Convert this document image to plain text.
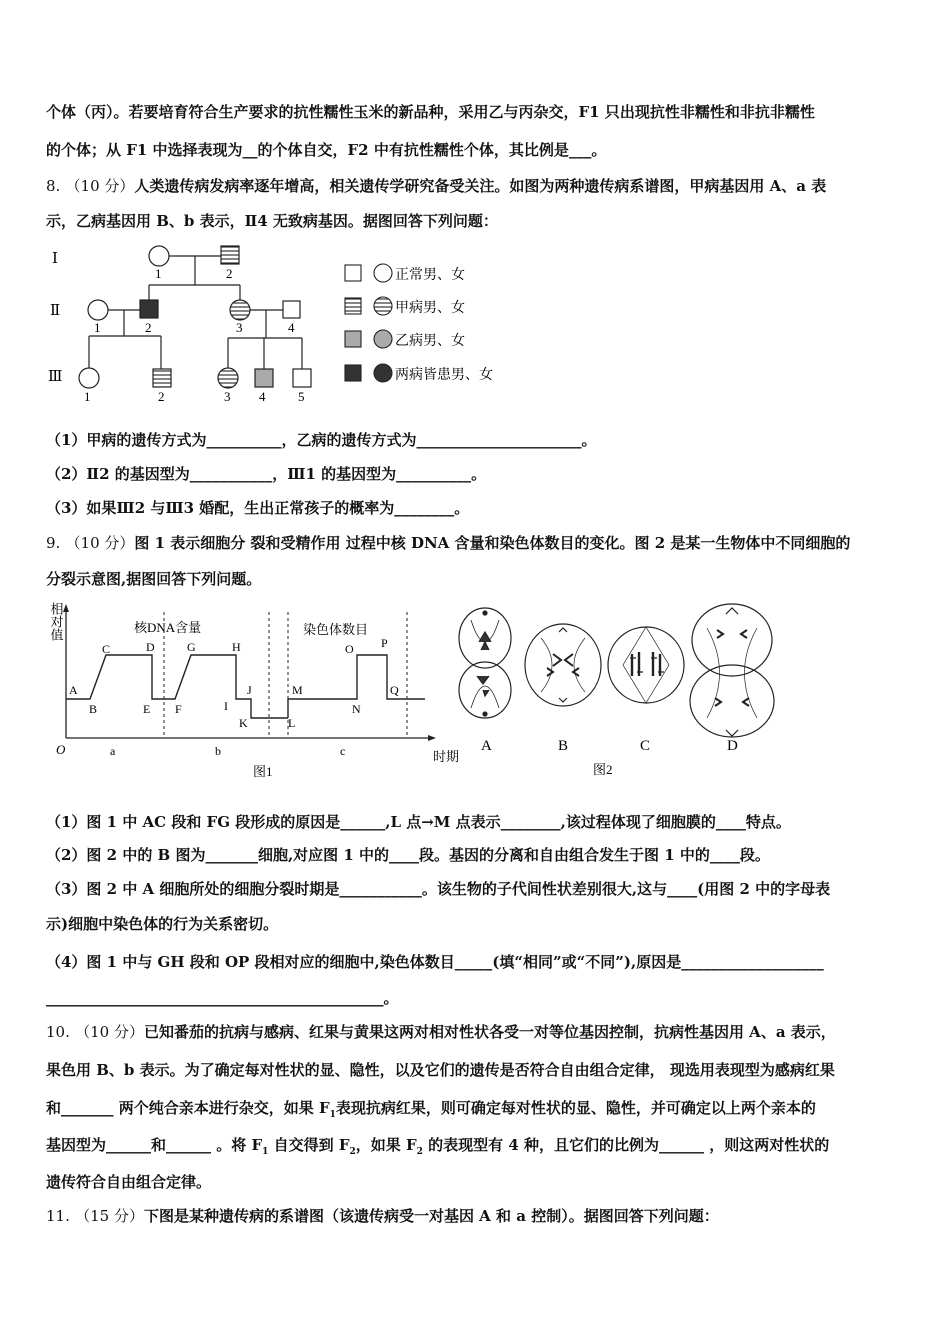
个体（丙）。若要培育符合生产要求的抗性糯性玉米的新品种，采用乙与丙杂交，F1 只出现抗性非糯性和非抗非糯性
的个体；从 F1 中选择表现为__的个体自交，F2 中有抗性糯性个体，其比例是___。
8. （10 分）人类遗传病发病率逐年增高，相关遗传学研究备受关注。如图为两种遗传病系谱图，甲病基因用 A、a 表
示，乙病基因用 B、b 表示，Ⅱ4 无致病基因。据图回答下列问题：
Ⅰ
Ⅱ
Ⅲ
1	2
1	2	3	4
1	2	3 4	5
正常男、女
甲病男、女
乙病男、女
两病皆患男、女
（1）甲病的遗传方式为__________，乙病的遗传方式为______________________。
（2）Ⅱ2 的基因型为___________，Ⅲ1 的基因型为__________。
（3）如果Ⅲ2 与Ⅲ3 婚配，生出正常孩子的概率为________。
9. （10 分）图 1 表示细胞分 裂和受精作用 过程中核 DNA 含量和染色体数目的变化。图 2 是某一生物体中不同细胞的
分裂示意图,据图回答下列问题。
相对值
O	时期
图1
核DNA含量	染色体数目
A
B
C	D
E F
G	H
I
J
K	L
M
N
O P
Q
a	b	c	A	B	C	D
图2
（1）图 1 中 AC 段和 FG 段形成的原因是______,L 点→M 点表示________,该过程体现了细胞膜的____特点。
（2）图 2 中的 B 图为_______细胞,对应图 1 中的____段。基因的分离和自由组合发生于图 1 中的____段。
（3）图 2 中 A 细胞所处的细胞分裂时期是___________。该生物的子代间性状差别很大,这与____(用图 2 中的字母表
示)细胞中染色体的行为关系密切。
（4）图 1 中与 GH 段和 OP 段相对应的细胞中,染色体数目_____(填“相同”或“不同”),原因是___________________
_____________________________________________。
10. （10 分）已知番茄的抗病与感病、红果与黄果这两对相对性状各受一对等位基因控制，抗病性基因用 A、a 表示，
果色用 B、b 表示。为了确定每对性状的显、隐性，以及它们的遗传是否符合自由组合定律， 现选用表现型为感病红果
和_______ 两个纯合亲本进行杂交，如果 $F_1$表现抗病红果，则可确定每对性状的显、隐性，并可确定以上两个亲本的
基因型为______和______ 。将 $F_1$ 自交得到 $F_2$，如果 $F_2$ 的表现型有 4 种，且它们的比例为______ ，则这两对性状的
遗传符合自由组合定律。
11. （15 分）下图是某种遗传病的系谱图（该遗传病受一对基因 A 和 a 控制）。据图回答下列问题：
